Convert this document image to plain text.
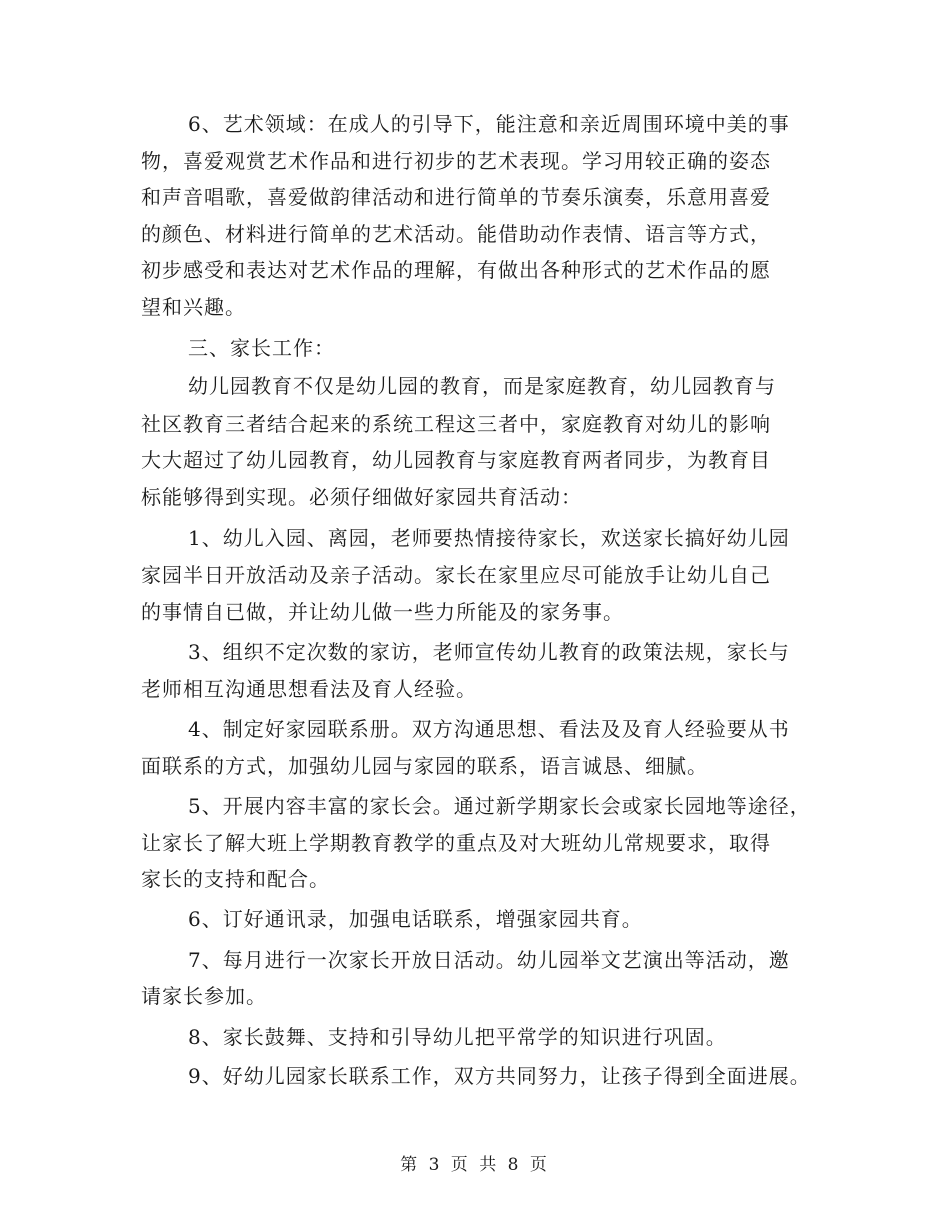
6、艺术领域：在成人的引导下，能注意和亲近周围环境中美的事
物，喜爱观赏艺术作品和进行初步的艺术表现。学习用较正确的姿态
和声音唱歌，喜爱做韵律活动和进行简单的节奏乐演奏，乐意用喜爱
的颜色、材料进行简单的艺术活动。能借助动作表情、语言等方式，
初步感受和表达对艺术作品的理解，有做出各种形式的艺术作品的愿
望和兴趣。
三、家长工作：
幼儿园教育不仅是幼儿园的教育，而是家庭教育，幼儿园教育与
社区教育三者结合起来的系统工程这三者中，家庭教育对幼儿的影响
大大超过了幼儿园教育，幼儿园教育与家庭教育两者同步，为教育目
标能够得到实现。必须仔细做好家园共育活动：
1、幼儿入园、离园，老师要热情接待家长，欢送家长搞好幼儿园
家园半日开放活动及亲子活动。家长在家里应尽可能放手让幼儿自己
的事情自已做，并让幼儿做一些力所能及的家务事。
3、组织不定次数的家访，老师宣传幼儿教育的政策法规，家长与
老师相互沟通思想看法及育人经验。
4、制定好家园联系册。双方沟通思想、看法及及育人经验要从书
面联系的方式，加强幼儿园与家园的联系，语言诚恳、细腻。
5、开展内容丰富的家长会。通过新学期家长会或家长园地等途径，
让家长了解大班上学期教育教学的重点及对大班幼儿常规要求，取得
家长的支持和配合。
6、订好通讯录，加强电话联系，增强家园共育。
7、每月进行一次家长开放日活动。幼儿园举文艺演出等活动，邀
请家长参加。
8、家长鼓舞、支持和引导幼儿把平常学的知识进行巩固。
9、好幼儿园家长联系工作，双方共同努力，让孩子得到全面进展。
第 3 页 共 8 页
